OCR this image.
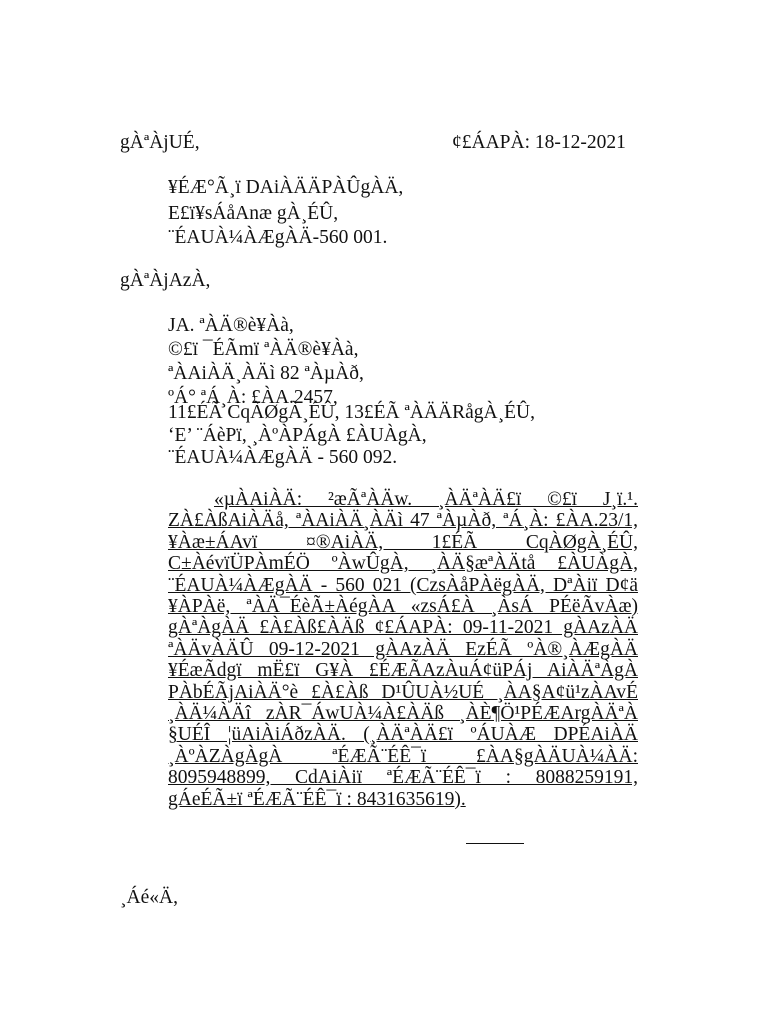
gÀªÀjUÉ,	¢£ÁAPÀ: 18-12-2021
¥ÉÆ°Ã¸ï DAiÀÄÄPÀÛgÀÄ,
E£ï¥sÁåAnæ gÀ¸ÉÛ,
¨ÉAUÀ¼ÀÆgÀÄ-560 001.
gÀªÀjAzÀ,
JA. ªÀÄ®è¥Àà,
©£ï ¯ÉÃmï ªÀÄ®è¥Àà,
ªÀAiÀÄ¸ÀÄì 82 ªÀµÀð,
ºÁ° ªÁ¸À: £ÀA.2457,
11£ÉÃ CqÀØgÀ¸ÉÛ, 13£ÉÃ ªÀÄÄRågÀ¸ÉÛ,
‘E’ ¨ÁèPï, ¸ÀºÀPÁgÀ £ÀUÀgÀ,
¨ÉAUÀ¼ÀÆgÀÄ - 560 092.
«µÀAiÀÄ: ²æÃªÀÄw. ¸ÀÄªÀÄ£ï ©£ï J¸ï.¹. ZÀ£ÀßAiÀÄå, ªÀAiÀÄ¸ÀÄì 47 ªÀµÀð, ªÁ¸À: £ÀA.23/1, ¥Àæ±ÁAvï ¤®AiÀÄ, 1£ÉÃ CqÀØgÀ¸ÉÛ, C±ÀévïÜPÀmÉÖ ºÀwÛgÀ, ¸ÀÄ§æªÀÄtå £ÀUÀgÀ, ¨ÉAUÀ¼ÀÆgÀÄ - 560 021 (CzsÀåPÀëgÀÄ, DªÀiï D¢ä ¥ÀPÀë, ªÀÄ¯ÉèÃ±ÀégÀA «zsÁ£À ¸ÀsÁ PÉëÃvÀæ) gÀªÀgÀÄ £À£Àß£ÀÄß ¢£ÁAPÀ: 09-11-2021 gÀAzÀÄ ªÀÄvÀÄÛ 09-12-2021 gÀAzÀÄ EzÉÃ ºÀ®¸ÀÆgÀÄ ¥ÉæÃdgï mË£ï G¥À £ÉÆÃAzÀuÁ¢üPÁj AiÀÄªÀgÀ PÀbÉÃjAiÀÄ°è £À£Àß D¹ÛUÀ½UÉ ¸ÀA§A¢ü¹zÀAvÉ ¸ÀÄ¼ÀÄî zÀR¯ÁwUÀ¼À£ÀÄß ¸ÀÈ¶Ö¹PÉÆArgÀÄªÀ §UÉÎ ¦üAiÀiÁðzÀÄ. (¸ÀÄªÀÄ£ï ºÁUÀÆ DPÉAiÀÄ ¸ÀºÀZÀgÀgÀ ªÉÆÃ¨ÉÊ¯ï £ÀA§gÀÄUÀ¼ÀÄ: 8095948899, CdAiÀiï ªÉÆÃ¨ÉÊ¯ï : 8088259191, gÁeÉÃ±ï ªÉÆÃ¨ÉÊ¯ï : 8431635619).
¸Áé«Ä,
